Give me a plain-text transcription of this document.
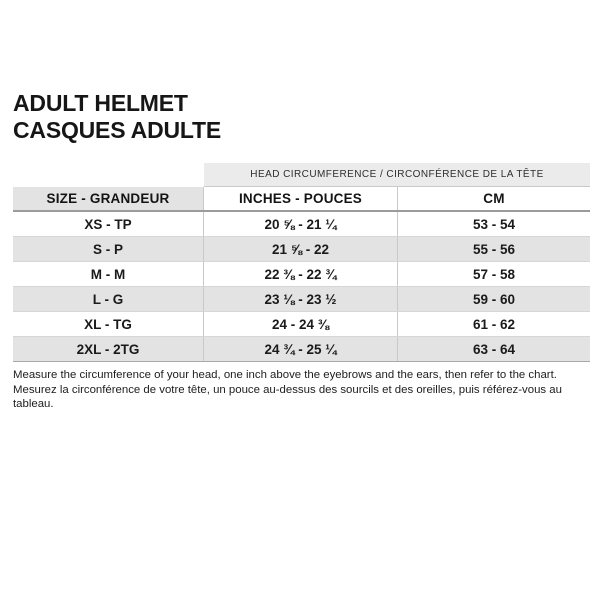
ADULT HELMET
CASQUES ADULTE
HEAD CIRCUMFERENCE / CIRCONFÉRENCE DE LA TÊTE
SIZE - GRANDEUR	INCHES - POUCES	CM
XS - TP	20 ⅝ - 21 ¼	53 - 54
S - P	21 ⅝ - 22	55 - 56
M - M	22 ⅜ - 22 ¾	57 - 58
L - G	23 ⅛ - 23 ½	59 - 60
XL - TG	24 - 24 ⅜	61 - 62
2XL - 2TG	24 ¾ - 25 ¼	63 - 64
Measure the circumference of your head, one inch above the eyebrows and the ears, then refer to the chart.
Mesurez la circonférence de votre tête, un pouce au-dessus des sourcils et des oreilles, puis référez-vous au tableau.
